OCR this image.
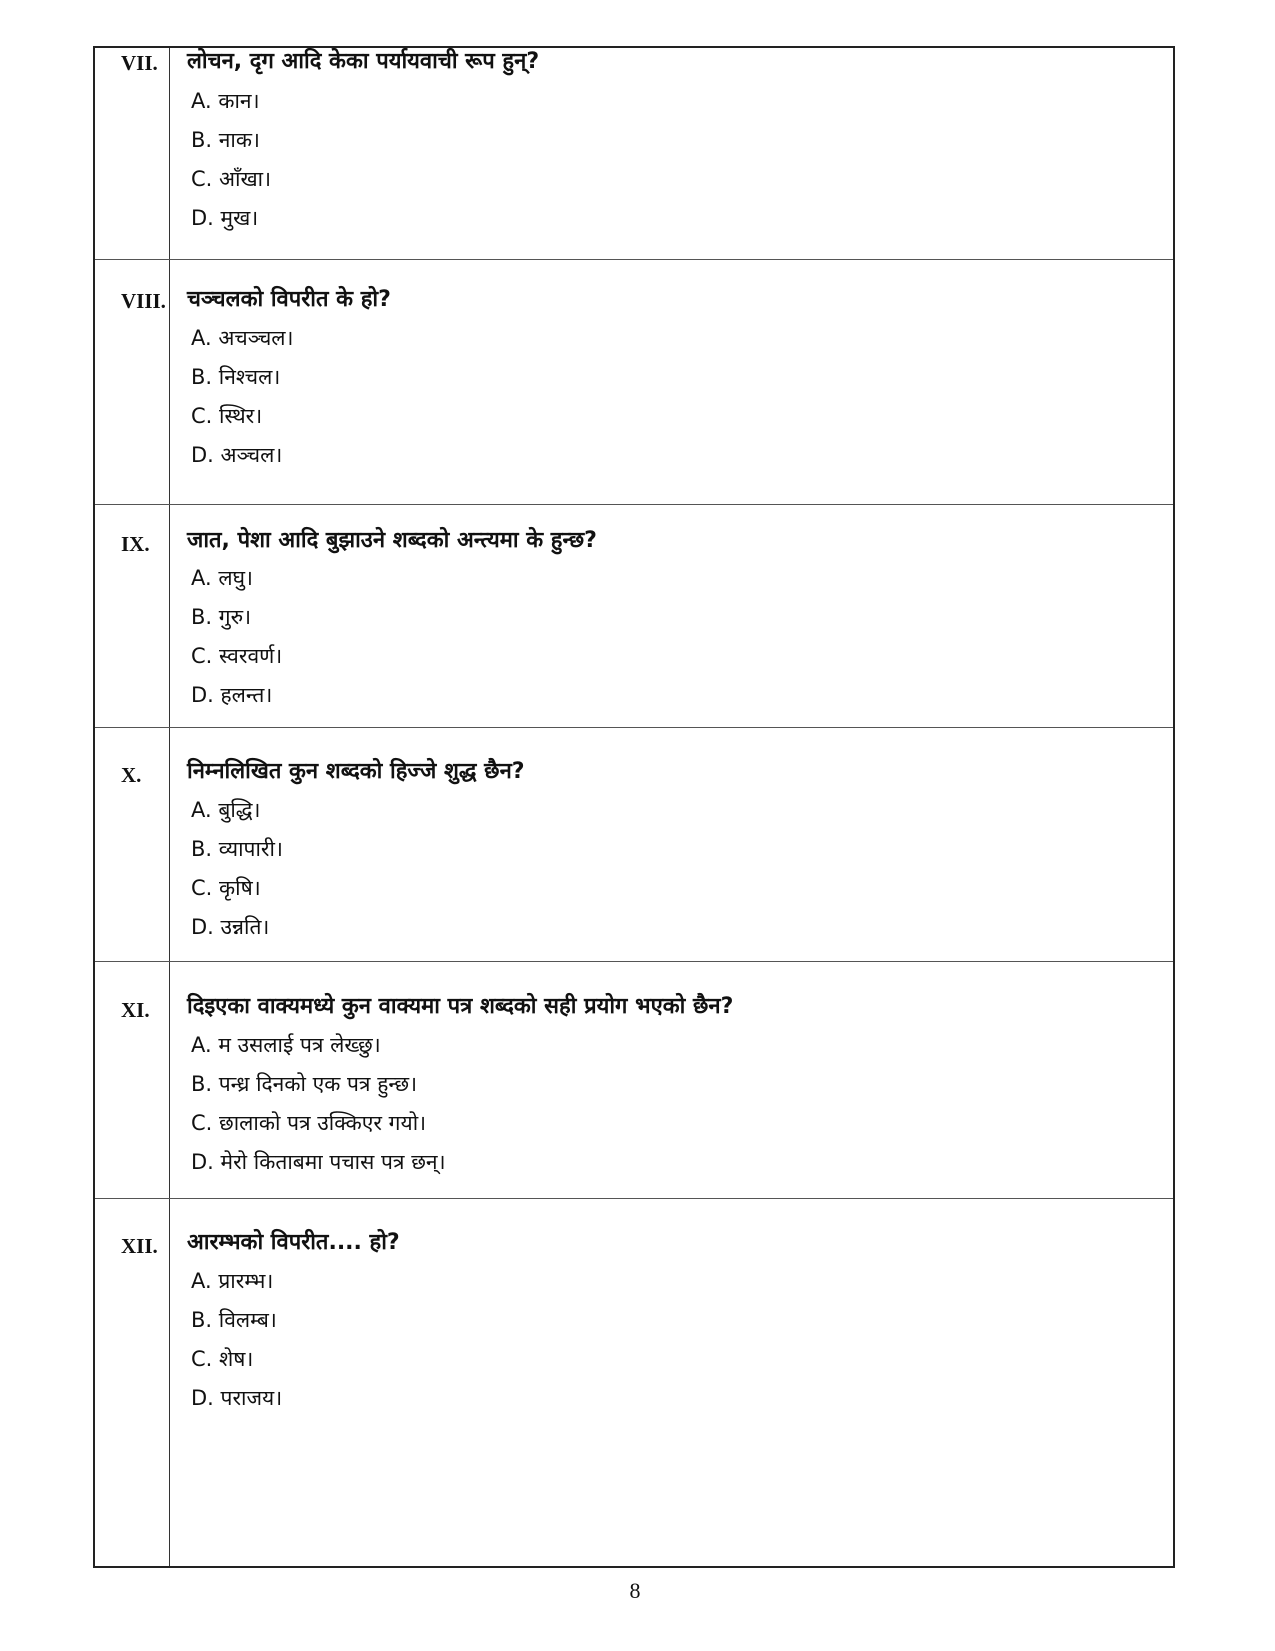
VII. लोचन, दृग आदि केका पर्यायवाची रूप हुन्?
A. कान।
B. नाक।
C. आँखा।
D. मुख।
VIII. चञ्चलको विपरीत के हो?
A. अचञ्चल।
B. निश्चल।
C. स्थिर।
D. अञ्चल।
IX. जात, पेशा आदि बुझाउने शब्दको अन्त्यमा के हुन्छ?
A. लघु।
B. गुरु।
C. स्वरवर्ण।
D. हलन्त।
X. निम्नलिखित कुन शब्दको हिज्जे शुद्ध छैन?
A. बुद्धि।
B. व्यापारी।
C. कृषि।
D. उन्नति।
XI. दिइएका वाक्यमध्ये कुन वाक्यमा पत्र शब्दको सही प्रयोग भएको छैन?
A. म उसलाई पत्र लेख्छु।
B. पन्ध्र दिनको एक पत्र हुन्छ।
C. छालाको पत्र उक्किएर गयो।
D. मेरो किताबमा पचास पत्र छन्।
XII. आरम्भको विपरीत.... हो?
A. प्रारम्भ।
B. विलम्ब।
C. शेष।
D. पराजय।
8
